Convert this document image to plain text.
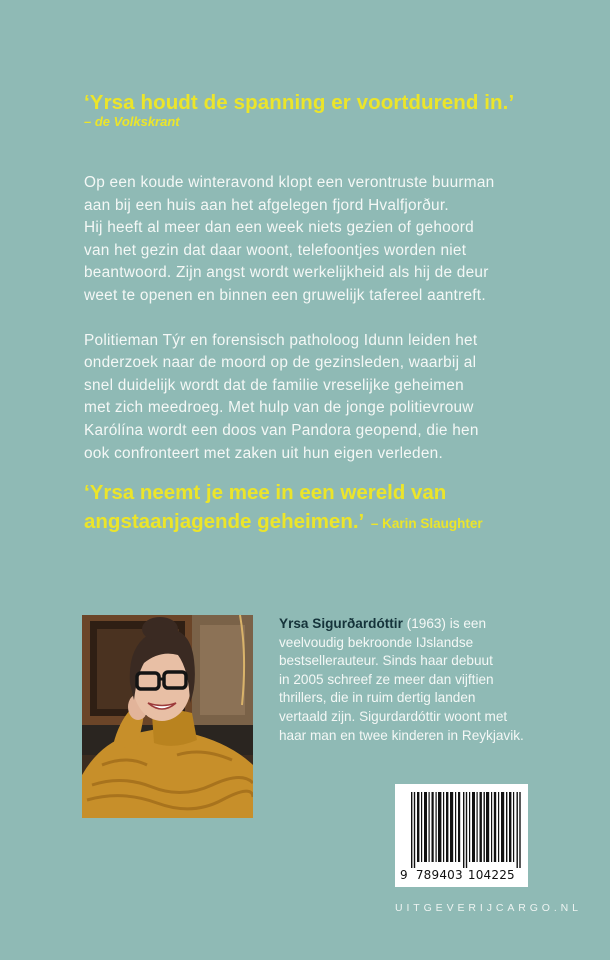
‘Yrsa houdt de spanning er voortdurend in.’
– de Volkskrant

Op een koude winteravond klopt een verontruste buurman
aan bij een huis aan het afgelegen fjord Hvalfjorður.
Hij heeft al meer dan een week niets gezien of gehoord
van het gezin dat daar woont, telefoontjes worden niet
beantwoord. Zijn angst wordt werkelijkheid als hij de deur
weet te openen en binnen een gruwelijk tafereel aantreft.

Politieman Týr en forensisch patholoog Idunn leiden het
onderzoek naar de moord op de gezinsleden, waarbij al
snel duidelijk wordt dat de familie vreselijke geheimen
met zich meedroeg. Met hulp van de jonge politievrouw
Karólína wordt een doos van Pandora geopend, die hen
ook confronteert met zaken uit hun eigen verleden.

‘Yrsa neemt je mee in een wereld van
angstaanjagende geheimen.’ – Karin Slaughter
Yrsa Sigurðardóttir (1963) is een
veelvoudig bekroonde IJslandse
bestsellerauteur. Sinds haar debuut
in 2005 schreef ze meer dan vijftien
thrillers, die in ruim dertig landen
vertaald zijn. Sigurdardóttir woont met
haar man en twee kinderen in Reykjavik.
9 789403 104225
UITGEVERIJCARGO.NL
